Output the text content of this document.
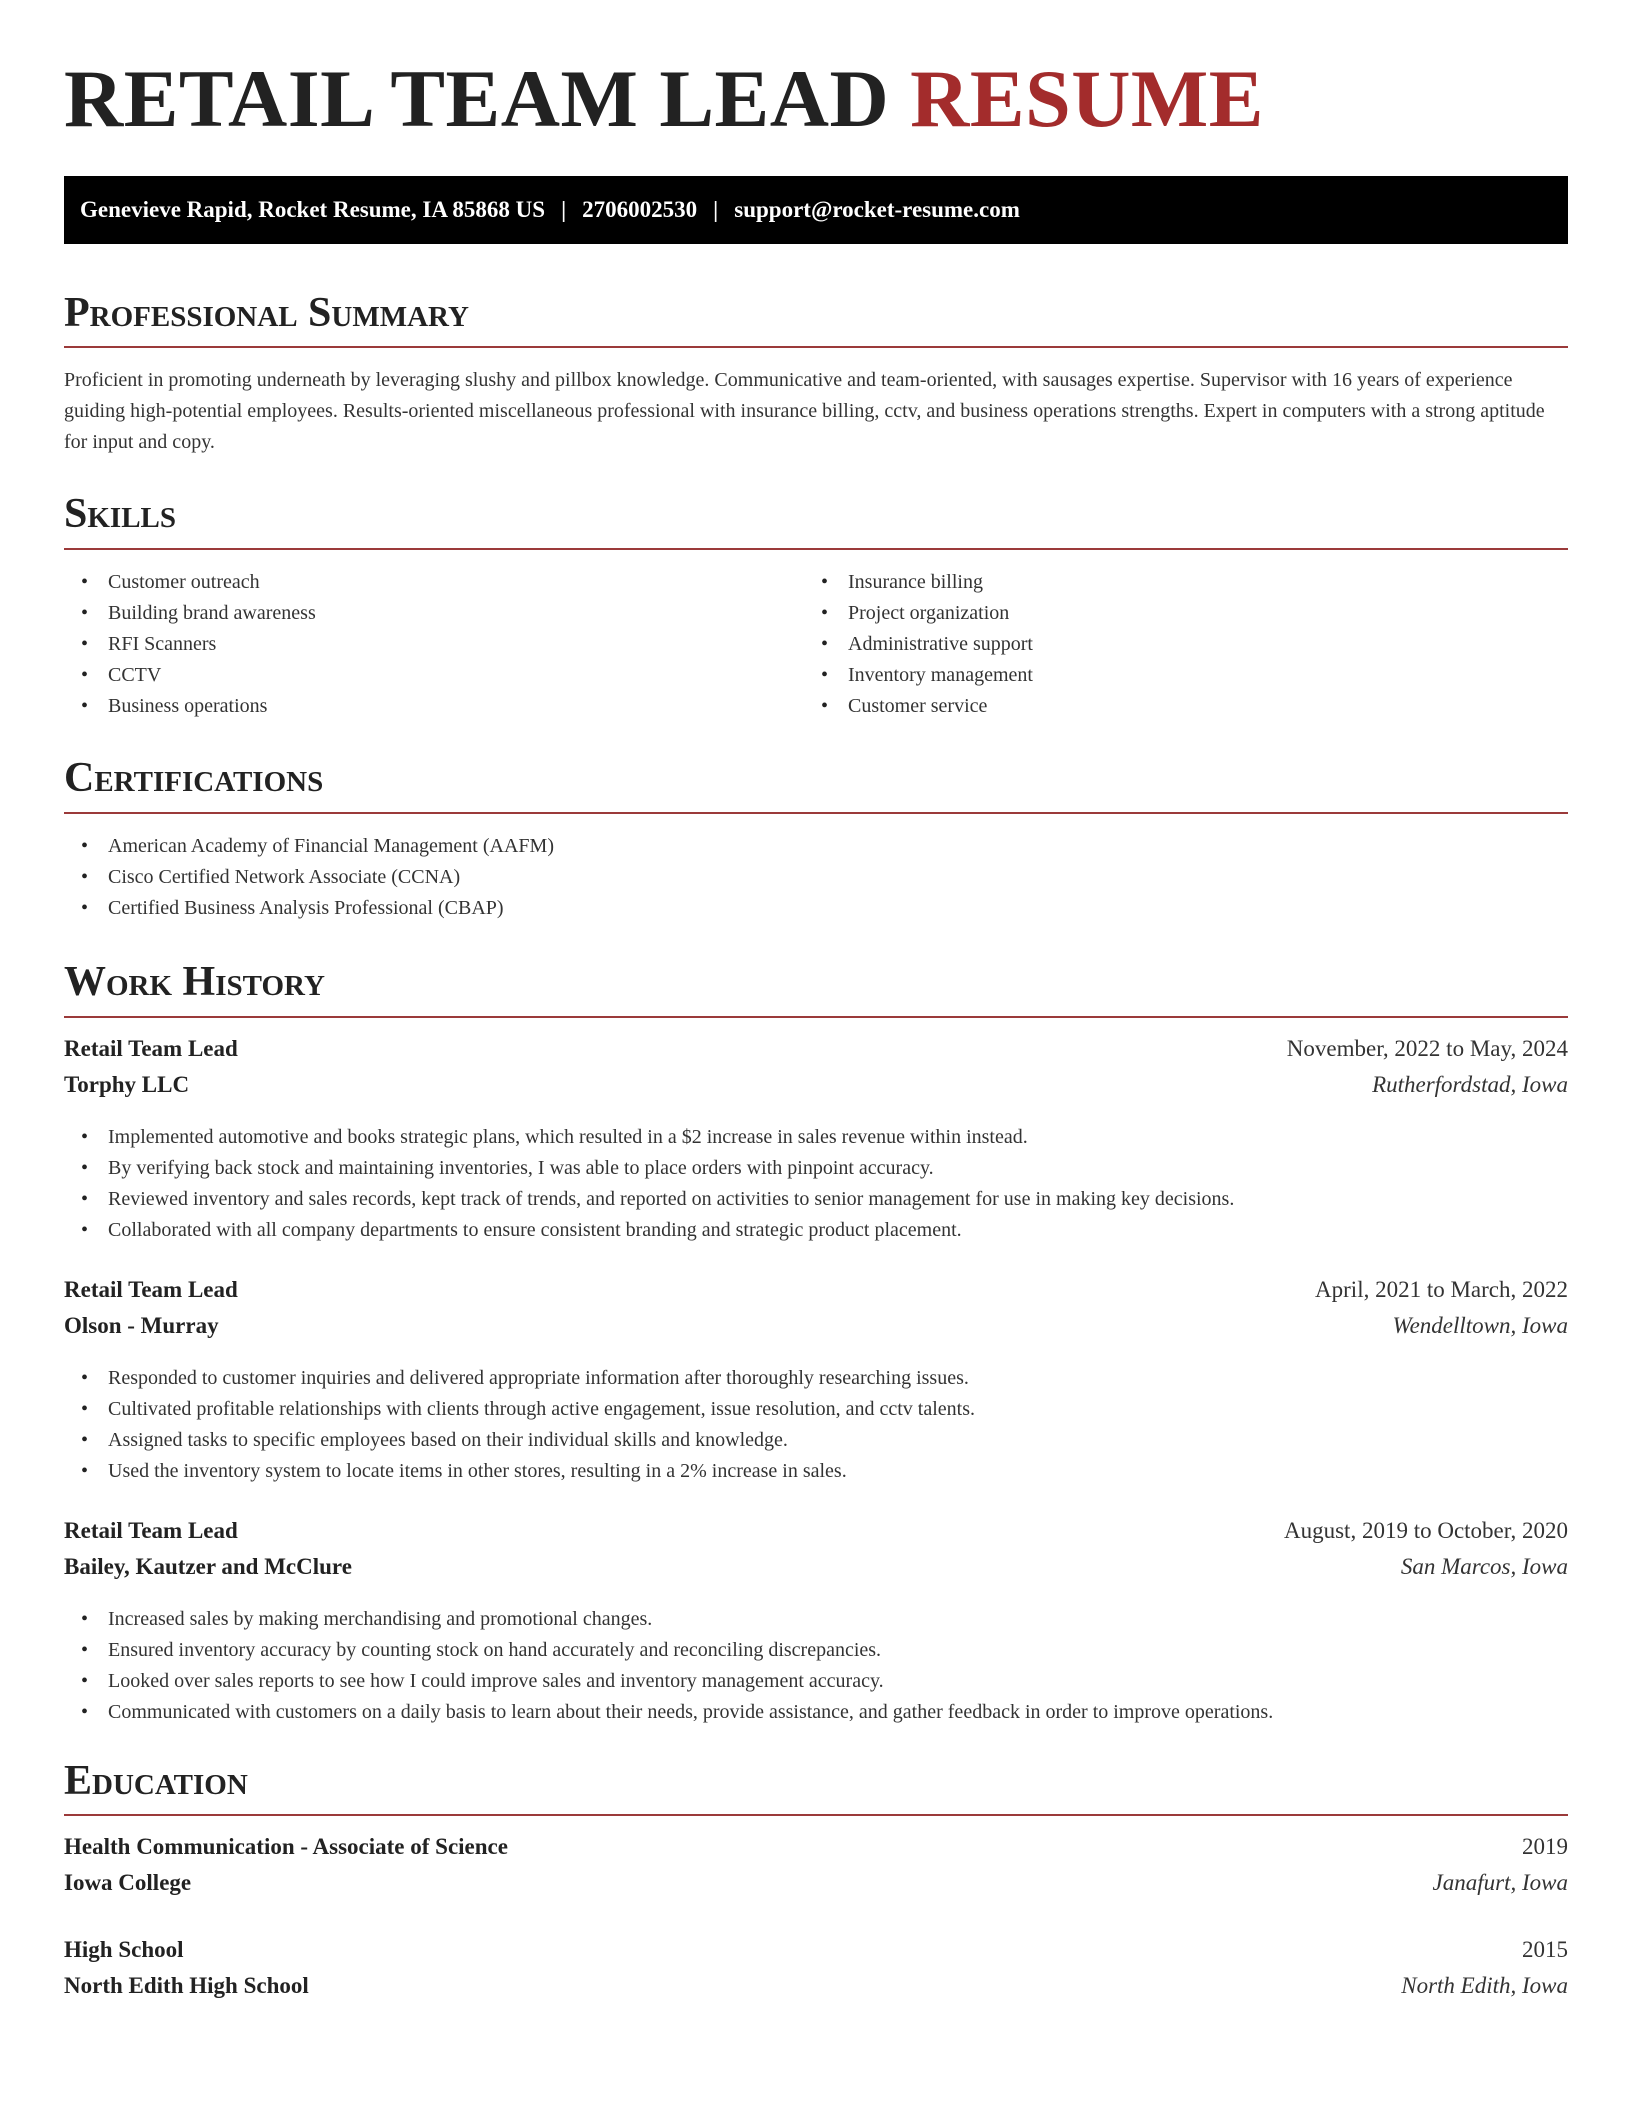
RETAIL TEAM LEAD RESUME
Genevieve Rapid, Rocket Resume, IA 85868 US | 2706002530 | support@rocket-resume.com
Professional Summary

Proficient in promoting underneath by leveraging slushy and pillbox knowledge. Communicative and team-oriented, with sausages expertise. Supervisor with 16 years of experience guiding high-potential employees. Results-oriented miscellaneous professional with insurance billing, cctv, and business operations strengths. Expert in computers with a strong aptitude for input and copy.

Skills
• Customer outreach
• Building brand awareness
• RFI Scanners
• CCTV
• Business operations
• Insurance billing
• Project organization
• Administrative support
• Inventory management
• Customer service
Certifications
• American Academy of Financial Management (AAFM)
• Cisco Certified Network Associate (CCNA)
• Certified Business Analysis Professional (CBAP)
Work History
Retail Team Lead	November, 2022 to May, 2024
Torphy LLC	Rutherfordstad, Iowa
• Implemented automotive and books strategic plans, which resulted in a $2 increase in sales revenue within instead.
• By verifying back stock and maintaining inventories, I was able to place orders with pinpoint accuracy.
• Reviewed inventory and sales records, kept track of trends, and reported on activities to senior management for use in making key decisions.
• Collaborated with all company departments to ensure consistent branding and strategic product placement.
Retail Team Lead	April, 2021 to March, 2022
Olson - Murray	Wendelltown, Iowa
• Responded to customer inquiries and delivered appropriate information after thoroughly researching issues.
• Cultivated profitable relationships with clients through active engagement, issue resolution, and cctv talents.
• Assigned tasks to specific employees based on their individual skills and knowledge.
• Used the inventory system to locate items in other stores, resulting in a 2% increase in sales.
Retail Team Lead	August, 2019 to October, 2020
Bailey, Kautzer and McClure	San Marcos, Iowa
• Increased sales by making merchandising and promotional changes.
• Ensured inventory accuracy by counting stock on hand accurately and reconciling discrepancies.
• Looked over sales reports to see how I could improve sales and inventory management accuracy.
• Communicated with customers on a daily basis to learn about their needs, provide assistance, and gather feedback in order to improve operations.
Education
Health Communication - Associate of Science	2019
Iowa College	Janafurt, Iowa
High School	2015
North Edith High School	North Edith, Iowa
